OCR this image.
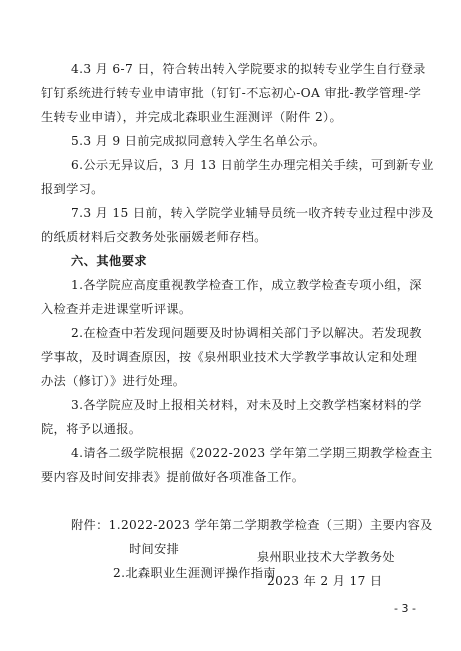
4.3 月 6-7 日，符合转出转入学院要求的拟转专业学生自行登录
钉钉系统进行转专业申请审批（钉钉-不忘初心-OA 审批-教学管理-学
生转专业申请），并完成北森职业生涯测评（附件 2）。
5.3 月 9 日前完成拟同意转入学生名单公示。
6.公示无异议后，3 月 13 日前学生办理完相关手续，可到新专业
报到学习。
7.3 月 15 日前，转入学院学业辅导员统一收齐转专业过程中涉及
的纸质材料后交教务处张丽媛老师存档。
六、其他要求
1.各学院应高度重视教学检查工作，成立教学检查专项小组，深
入检查并走进课堂听评课。
2.在检查中若发现问题要及时协调相关部门予以解决。若发现教
学事故，及时调查原因，按《泉州职业技术大学教学事故认定和处理
办法（修订）》进行处理。
3.各学院应及时上报相关材料，对未及时上交教学档案材料的学
院，将予以通报。
4.请各二级学院根据《2022-2023 学年第二学期三期教学检查主
要内容及时间安排表》提前做好各项准备工作。
附件：1.2022-2023 学年第二学期教学检查（三期）主要内容及
时间安排
2.北森职业生涯测评操作指南
泉州职业技术大学教务处
2023 年 2 月 17 日
- 3 -
